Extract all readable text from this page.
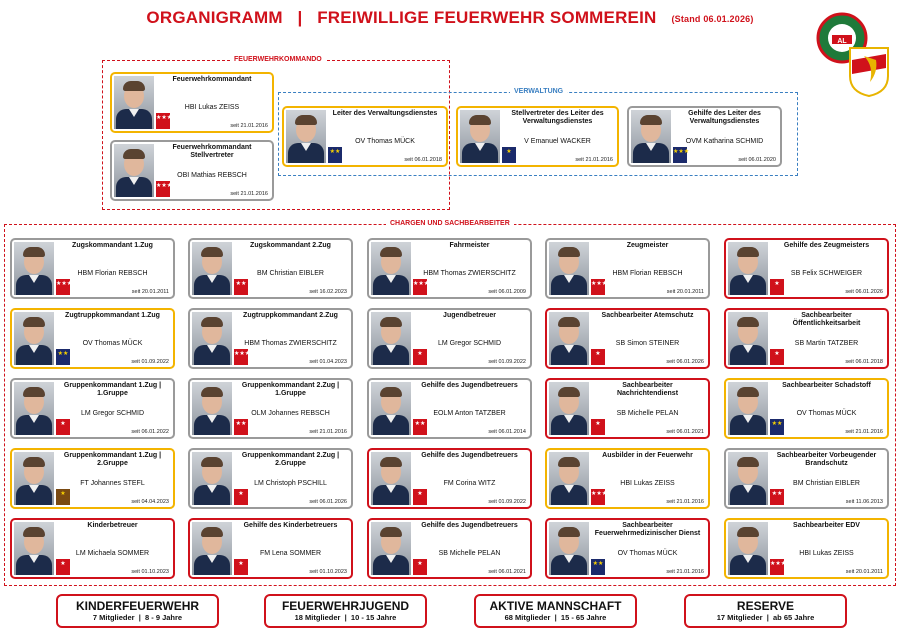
ORGANIGRAMM   |   FREIWILLIGE FEUERWEHR SOMMEREIN (Stand 06.01.2026)
AL
FEUERWEHRKOMMANDO
VERWALTUNG
CHARGEN UND SACHBEARBEITER
★★★
Feuerwehrkommandant
HBI Lukas ZEISS
seit 21.01.2016
★★★
Feuerwehrkommandant Stellvertreter
OBI Mathias REBSCH
seit 21.01.2016
★★
Leiter des Verwaltungsdienstes
OV Thomas MÜCK
seit 06.01.2018
★
Stellvertreter des Leiter des Verwaltungsdienstes
V Emanuel WACKER
seit 21.01.2016
★★★
Gehilfe des Leiter des Verwaltungsdienstes
OVM Katharina SCHMID
seit 06.01.2020
★★★
Zugskommandant 1.Zug
HBM Florian REBSCH
seit 20.01.2011
★★
Zugskommandant 2.Zug
BM Christian EIBLER
seit 16.02.2023
★★★
Fahrmeister
HBM Thomas ZWIERSCHITZ
seit 06.01.2009
★★★
Zeugmeister
HBM Florian REBSCH
seit 20.01.2011
★
Gehilfe des Zeugmeisters
SB Felix SCHWEIGER
seit 06.01.2026
★★
Zugtruppkommandant 1.Zug
OV Thomas MÜCK
seit 01.09.2022
★★★
Zugtruppkommandant 2.Zug
HBM Thomas ZWIERSCHITZ
seit 01.04.2023
★
Jugendbetreuer
LM Gregor SCHMID
seit 01.09.2022
★
Sachbearbeiter Atemschutz
SB Simon STEINER
seit 06.01.2026
★
Sachbearbeiter Öffentlichkeitsarbeit
SB Martin TATZBER
seit 06.01.2018
★
Gruppenkommandant 1.Zug | 1.Gruppe
LM Gregor SCHMID
seit 06.01.2022
★★
Gruppenkommandant 2.Zug | 1.Gruppe
OLM Johannes REBSCH
seit 21.01.2016
★★
Gehilfe des Jugendbetreuers
EOLM Anton TATZBER
seit 06.01.2014
★
Sachbearbeiter Nachrichtendienst
SB Michelle PELAN
seit 06.01.2021
★★
Sachbearbeiter Schadstoff
OV Thomas MÜCK
seit 21.01.2016
★
Gruppenkommandant 1.Zug | 2.Gruppe
FT Johannes STEFL
seit 04.04.2023
★
Gruppenkommandant 2.Zug | 2.Gruppe
LM Christoph PSCHILL
seit 06.01.2026
★
Gehilfe des Jugendbetreuers
FM Corina WITZ
seit 01.09.2022
★★★
Ausbilder in der Feuerwehr
HBI Lukas ZEISS
seit 21.01.2016
★★
Sachbearbeiter Vorbeugender Brandschutz
BM Christian EIBLER
seit 11.06.2013
★
Kinderbetreuer
LM Michaela SOMMER
seit 01.10.2023
★
Gehilfe des Kinderbetreuers
FM Lena SOMMER
seit 01.10.2023
★
Gehilfe des Jugendbetreuers
SB Michelle PELAN
seit 06.01.2021
★★
Sachbearbeiter Feuerwehrmedizinischer Dienst
OV Thomas MÜCK
seit 21.01.2016
★★★
Sachbearbeiter EDV
HBI Lukas ZEISS
seit 20.01.2011
KINDERFEUERWEHR
7 Mitglieder  |  8 - 9 Jahre
FEUERWEHRJUGEND
18 Mitglieder  |  10 - 15 Jahre
AKTIVE MANNSCHAFT
68 Mitglieder  |  15 - 65 Jahre
RESERVE
17 Mitglieder  |  ab 65 Jahre
